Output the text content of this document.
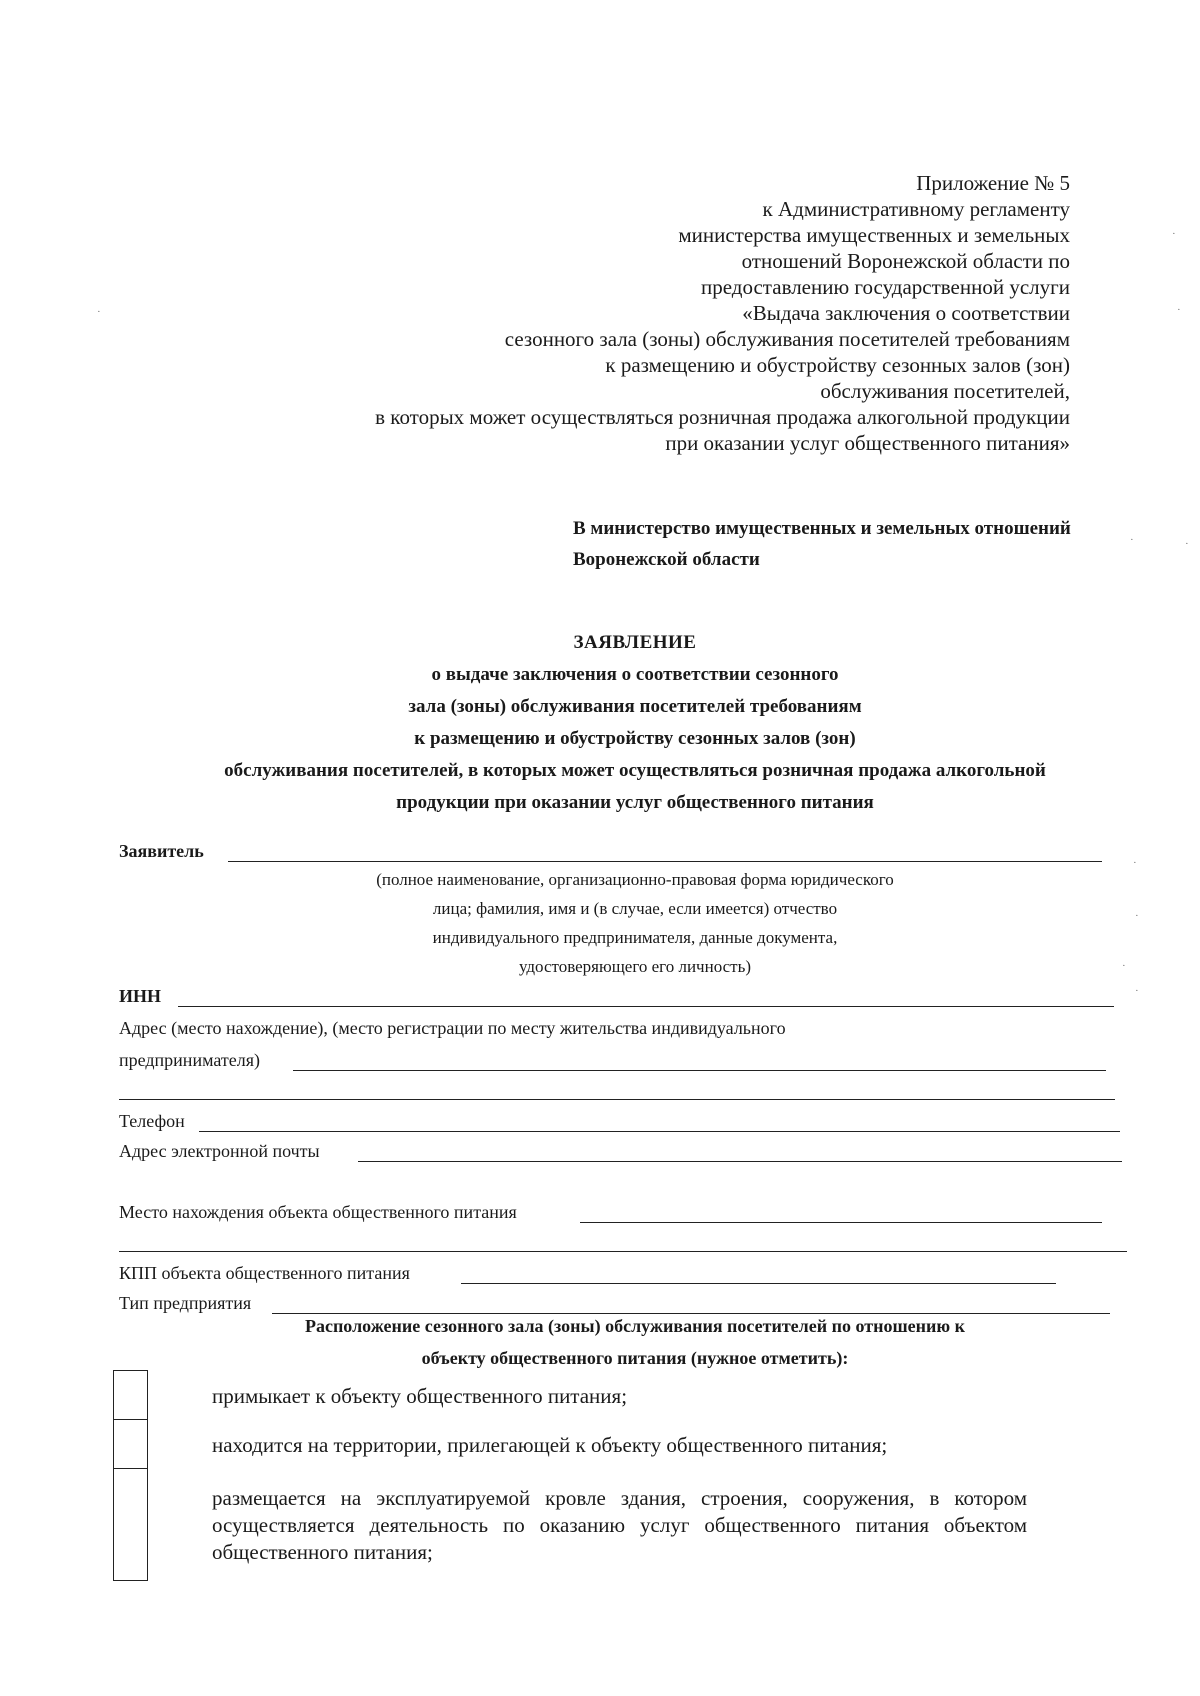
Приложение № 5
к Административному регламенту
министерства имущественных и земельных
отношений Воронежской области по
предоставлению государственной услуги
«Выдача заключения о соответствии
сезонного зала (зоны) обслуживания посетителей требованиям
к размещению и обустройству сезонных залов (зон)
обслуживания посетителей,
в которых может осуществляться розничная продажа алкогольной продукции
при оказании услуг общественного питания»
В министерство имущественных и земельных отношений
Воронежской области
ЗАЯВЛЕНИЕ
о выдаче заключения о соответствии сезонного
зала (зоны) обслуживания посетителей требованиям
к размещению и обустройству сезонных залов (зон)
обслуживания посетителей, в которых может осуществляться розничная продажа алкогольной
продукции при оказании услуг общественного питания
Заявитель
(полное наименование, организационно-правовая форма юридического
лица; фамилия, имя и (в случае, если имеется) отчество
индивидуального предпринимателя, данные документа,
удостоверяющего его личность)
ИНН
Адрес (место нахождение), (место регистрации по месту жительства индивидуального
предпринимателя)
Телефон
Адрес электронной почты
Место нахождения объекта общественного питания
КПП объекта общественного питания
Тип предприятия
Расположение сезонного зала (зоны) обслуживания посетителей по отношению к
объекту общественного питания (нужное отметить):
примыкает к объекту общественного питания;
находится на территории, прилегающей к объекту общественного питания;
размещается на эксплуатируемой кровле здания, строения, сооружения, в котором осуществляется деятельность по оказанию услуг общественного питания объектом общественного питания;
·
·	·
·	·
·
·
·
·
